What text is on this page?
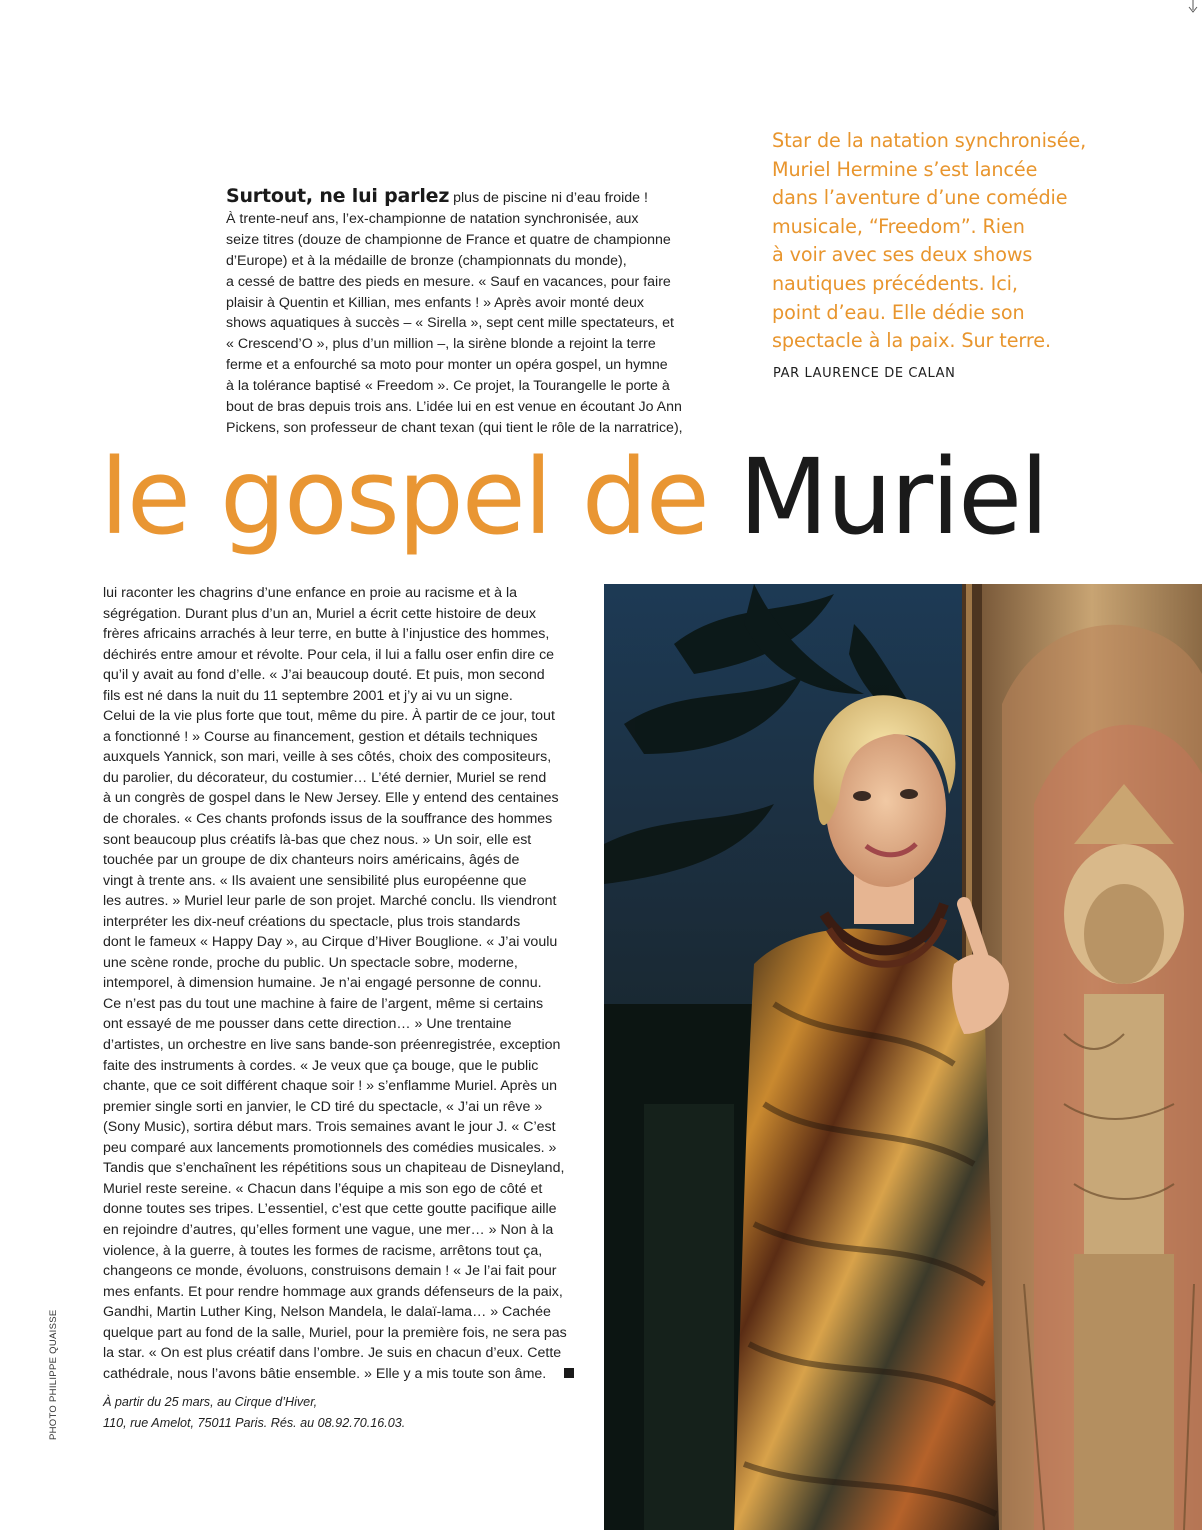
Surtout, ne lui parlez plus de piscine ni d’eau froide !
À trente-neuf ans, l’ex-championne de natation synchronisée, aux
seize titres (douze de championne de France et quatre de championne
d’Europe) et à la médaille de bronze (championnats du monde),
a cessé de battre des pieds en mesure. « Sauf en vacances, pour faire
plaisir à Quentin et Killian, mes enfants ! » Après avoir monté deux
shows aquatiques à succès – « Sirella », sept cent mille spectateurs, et
« Crescend’O », plus d’un million –, la sirène blonde a rejoint la terre
ferme et a enfourché sa moto pour monter un opéra gospel, un hymne
à la tolérance baptisé « Freedom ». Ce projet, la Tourangelle le porte à
bout de bras depuis trois ans. L’idée lui en est venue en écoutant Jo Ann
Pickens, son professeur de chant texan (qui tient le rôle de la narratrice),
Star de la natation synchronisée,
Muriel Hermine s’est lancée
dans l’aventure d’une comédie
musicale, “Freedom”. Rien
à voir avec ses deux shows
nautiques précédents. Ici,
point d’eau. Elle dédie son
spectacle à la paix. Sur terre.
PAR LAURENCE DE CALAN
le gospel de Muriel
lui raconter les chagrins d’une enfance en proie au racisme et à la
ségrégation. Durant plus d’un an, Muriel a écrit cette histoire de deux
frères africains arrachés à leur terre, en butte à l’injustice des hommes,
déchirés entre amour et révolte. Pour cela, il lui a fallu oser enfin dire ce
qu’il y avait au fond d’elle. « J’ai beaucoup douté. Et puis, mon second
fils est né dans la nuit du 11 septembre 2001 et j’y ai vu un signe.
Celui de la vie plus forte que tout, même du pire. À partir de ce jour, tout
a fonctionné ! » Course au financement, gestion et détails techniques
auxquels Yannick, son mari, veille à ses côtés, choix des compositeurs,
du parolier, du décorateur, du costumier… L’été dernier, Muriel se rend
à un congrès de gospel dans le New Jersey. Elle y entend des centaines
de chorales. « Ces chants profonds issus de la souffrance des hommes
sont beaucoup plus créatifs là-bas que chez nous. » Un soir, elle est
touchée par un groupe de dix chanteurs noirs américains, âgés de
vingt à trente ans. « Ils avaient une sensibilité plus européenne que
les autres. » Muriel leur parle de son projet. Marché conclu. Ils viendront
interpréter les dix-neuf créations du spectacle, plus trois standards
dont le fameux « Happy Day », au Cirque d’Hiver Bouglione. « J’ai voulu
une scène ronde, proche du public. Un spectacle sobre, moderne,
intemporel, à dimension humaine. Je n’ai engagé personne de connu.
Ce n’est pas du tout une machine à faire de l’argent, même si certains
ont essayé de me pousser dans cette direction… » Une trentaine
d’artistes, un orchestre en live sans bande-son préenregistrée, exception
faite des instruments à cordes. « Je veux que ça bouge, que le public
chante, que ce soit différent chaque soir ! » s’enflamme Muriel. Après un
premier single sorti en janvier, le CD tiré du spectacle, « J’ai un rêve »
(Sony Music), sortira début mars. Trois semaines avant le jour J. « C’est
peu comparé aux lancements promotionnels des comédies musicales. »
Tandis que s’enchaînent les répétitions sous un chapiteau de Disneyland,
Muriel reste sereine. « Chacun dans l’équipe a mis son ego de côté et
donne toutes ses tripes. L’essentiel, c’est que cette goutte pacifique aille
en rejoindre d’autres, qu’elles forment une vague, une mer… » Non à la
violence, à la guerre, à toutes les formes de racisme, arrêtons tout ça,
changeons ce monde, évoluons, construisons demain ! « Je l’ai fait pour
mes enfants. Et pour rendre hommage aux grands défenseurs de la paix,
Gandhi, Martin Luther King, Nelson Mandela, le dalaï-lama… » Cachée
quelque part au fond de la salle, Muriel, pour la première fois, ne sera pas
la star. « On est plus créatif dans l’ombre. Je suis en chacun d’eux. Cette
cathédrale, nous l’avons bâtie ensemble. » Elle y a mis toute son âme.
À partir du 25 mars, au Cirque d’Hiver,
110, rue Amelot, 75011 Paris. Rés. au 08.92.70.16.03.
PHOTO PHILIPPE QUAISSE
